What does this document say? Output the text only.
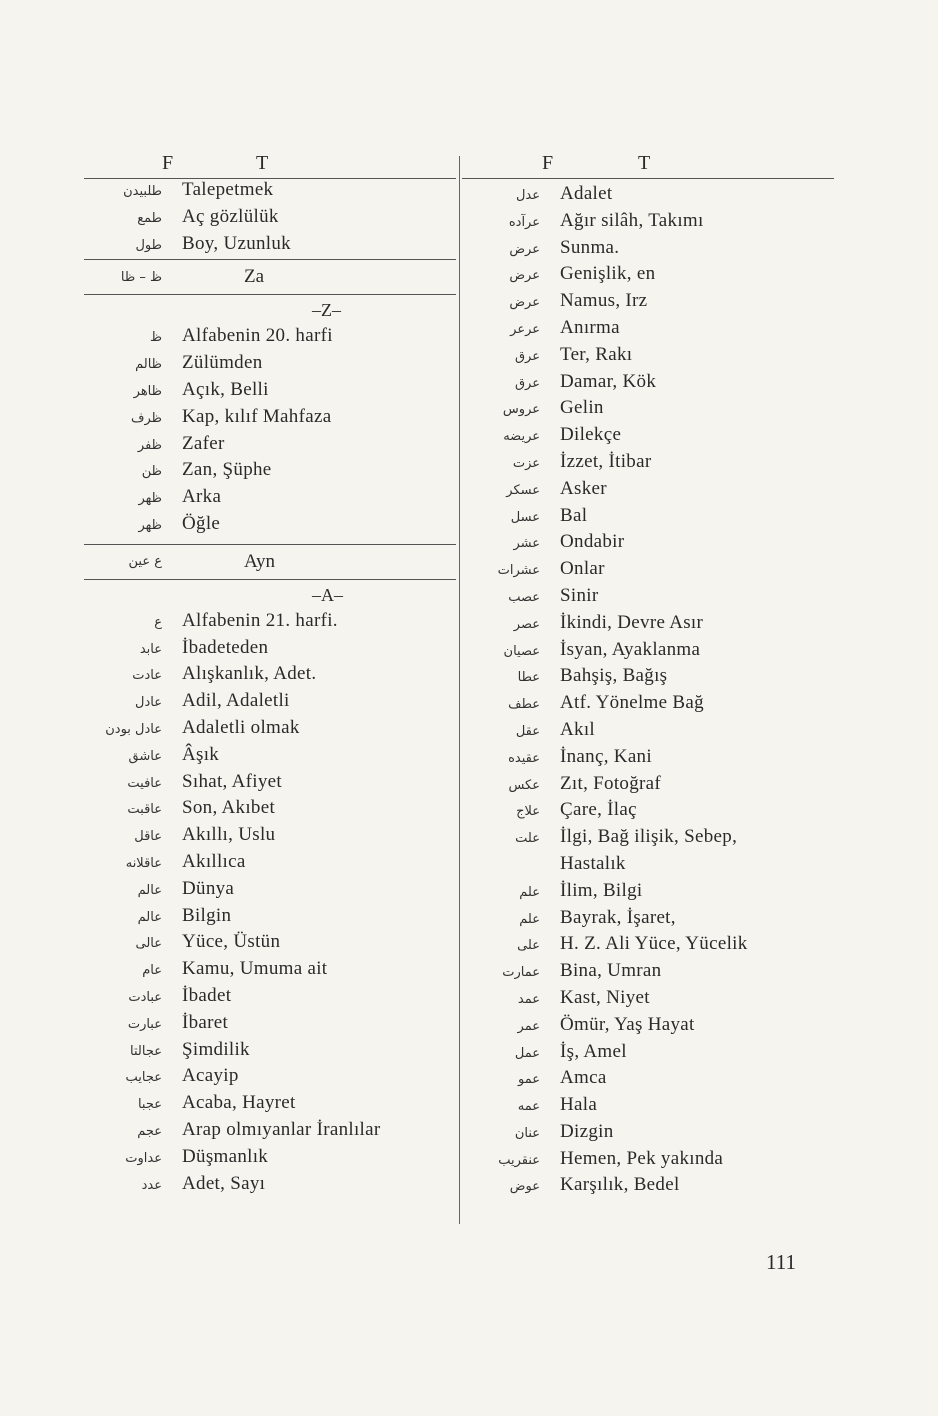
F	T
طلبيدن	Talepetmek
طمع	Aç gözlülük
طول	Boy, Uzunluk
ظ – ظا	Za
–Z–
ظ	Alfabenin 20. harfi
ظالم	Zülümden
ظاهر	Açık, Belli
ظرف	Kap, kılıf Mahfaza
ظفر	Zafer
ظن	Zan, Şüphe
ظهر	Arka
ظهر	Öğle
ع عين	Ayn
–A–
ع	Alfabenin 21. harfi.
عابد	İbadeteden
عادت	Alışkanlık, Adet.
عادل	Adil, Adaletli
عادل بودن	Adaletli olmak
عاشق	Âşık
عافيت	Sıhat, Afiyet
عاقبت	Son, Akıbet
عاقل	Akıllı, Uslu
عاقلانه	Akıllıca
عالم	Dünya
عالم	Bilgin
عالى	Yüce, Üstün
عام	Kamu, Umuma ait
عبادت	İbadet
عبارت	İbaret
عجالتا	Şimdilik
عجايب	Acayip
عجبا	Acaba, Hayret
عجم	Arap olmıyanlar İranlılar
عداوت	Düşmanlık
عدد	Adet, Sayı
F	T
عدل	Adalet
عرآده	Ağır silâh, Takımı
عرض	Sunma.
عرض	Genişlik, en
عرض	Namus, Irz
عرعر	Anırma
عرق	Ter, Rakı
عرق	Damar, Kök
عروس	Gelin
عريضه	Dilekçe
عزت	İzzet, İtibar
عسكر	Asker
عسل	Bal
عشر	Ondabir
عشرات	Onlar
عصب	Sinir
عصر	İkindi, Devre Asır
عصيان	İsyan, Ayaklanma
عطا	Bahşiş, Bağış
عطف	Atf. Yönelme Bağ
عقل	Akıl
عقيده	İnanç, Kani
عكس	Zıt, Fotoğraf
علاج	Çare, İlaç
علت	İlgi, Bağ ilişik, Sebep,
Hastalık
علم	İlim, Bilgi
علم	Bayrak, İşaret,
على	H. Z. Ali Yüce, Yücelik
عمارت	Bina, Umran
عمد	Kast, Niyet
عمر	Ömür, Yaş Hayat
عمل	İş, Amel
عمو	Amca
عمه	Hala
عنان	Dizgin
عنقريب	Hemen, Pek yakında
عوض	Karşılık, Bedel
111
